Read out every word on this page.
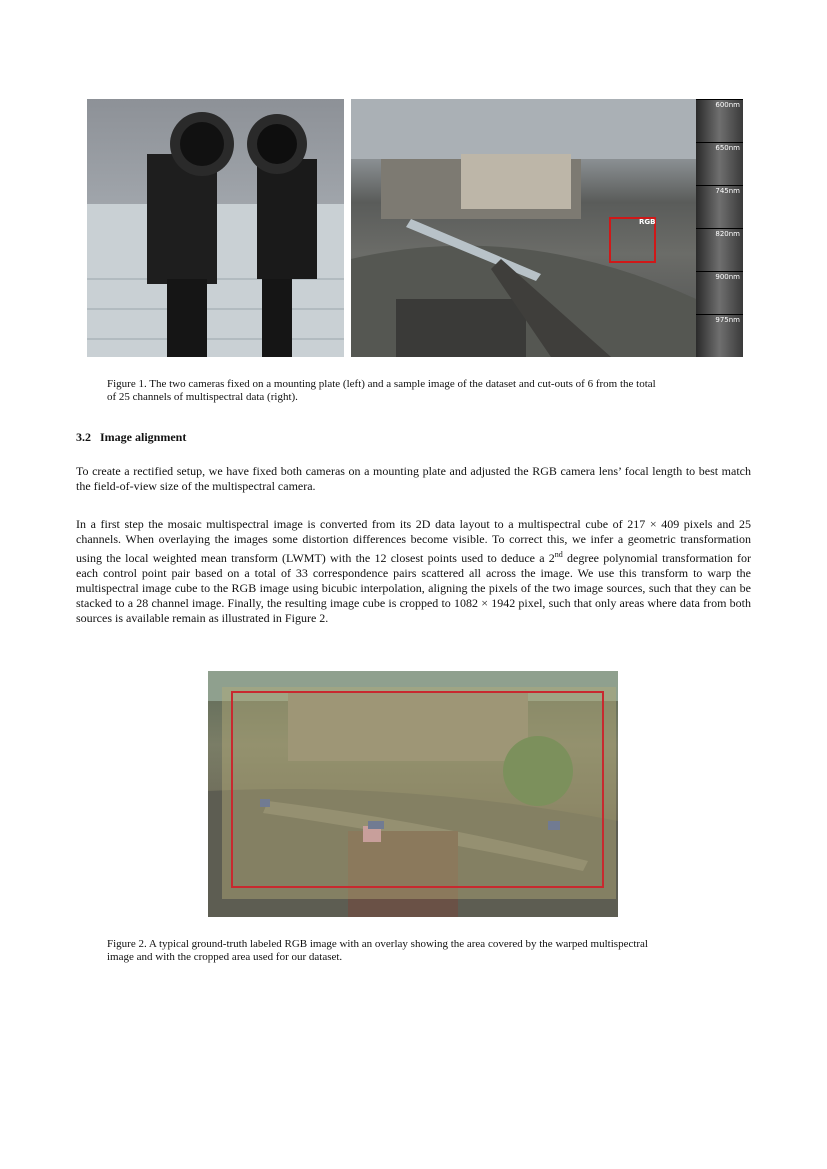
600nm
650nm
745nm
820nm
900nm
975nm
RGB
Figure 1. The two cameras fixed on a mounting plate (left) and a sample image of the dataset and cut-outs of 6 from the total
of 25 channels of multispectral data (right).
3.2 Image alignment

To create a rectified setup, we have fixed both cameras on a mounting plate and adjusted the RGB camera lens’ focal length to best match the field-of-view size of the multispectral camera.

In a first step the mosaic multispectral image is converted from its 2D data layout to a multispectral cube of 217 × 409 pixels and 25 channels. When overlaying the images some distortion differences become visible. To correct this, we infer a geometric transformation using the local weighted mean transform (LWMT) with the 12 closest points used to deduce a 2nd degree polynomial transformation for each control point pair based on a total of 33 correspondence pairs scattered all across the image. We use this transform to warp the multispectral image cube to the RGB image using bicubic interpolation, aligning the pixels of the two image sources, such that they can be stacked to a 28 channel image. Finally, the resulting image cube is cropped to 1082 × 1942 pixel, such that only areas where data from both sources is available remain as illustrated in Figure 2.

Figure 2. A typical ground-truth labeled RGB image with an overlay showing the area covered by the warped multispectral
image and with the cropped area used for our dataset.
